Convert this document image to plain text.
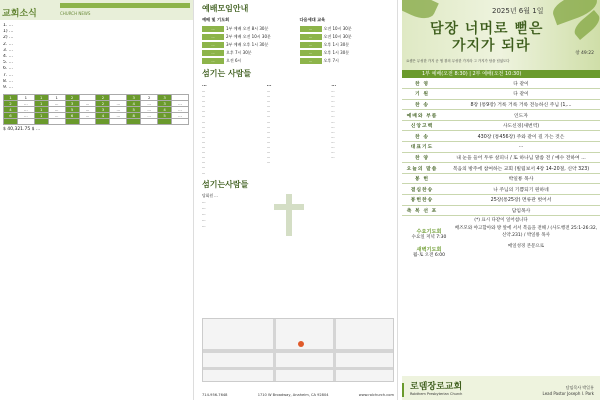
교회소식	CHURCH NEWS
1. ...
1) ...
2) ...
2. ...
3. ...
4. ...
5. ...
6. ...
7. ...
8. ...
9. ...
1	1	1	1	2		2		3	2	3	
2	...	1	...	3	...	2	...	4	...	3	...
4	...	1	...	5	...	3	...	5	...	4	...
6	...	1	...	6	...	4	...	8	...	5	...

$ 40,321.75 $ ...
예배모임안내
예배 및 기도회
...	1부 예배 오전 8시 30분
...	2부 예배 오전 10시 30분
...	3부 예배 오후 1시 30분
...	오후 7시 30분
...	오전 6시
다음세대 교육
...	오전 10시 30분
...	오전 10시 30분
...	오후 1시 30분
...	오후 1시 30분
...	오후 7시
섬기는 사람들
...
...
...
...
...
...
...
...
...
...
...
...
...
...
...
...
...
...
...
...
...
...
...
...
...
...
...
...
...
...
...
...
...
...
...
...
...
...
...
...
...
...
...
...
...
...
...
...
...
섬기는사람들
당회원 ...
...
...
...
...
...
714-956-7648	1710 W Broadway, Anaheim, CA 92804	www.rolchurch.com
2025년 6월 1일
담장 너머로 뻗은
가지가 되라	창 49:22
요셉은 무성한 가지 곧 샘 곁의 무성한 가지라 그 가지가 담을 넘었도다
1부 예배(오전 8:30) | 2부 예배(오전 10:30)
찬 영	다 같이
기 원	다 같이
찬 송	8장 (통9장) 거룩 거룩 거룩 전능하신 주님 (1,...
예배와 부름	인도자
신앙고백	사도신경(새번역)
찬 송	430장 (통456장) 주와 같이 길 가는 것은
대표기도	...
찬 양	내 눈을 들어 두루 살피니 / 또 하나님 말씀 전 / 예수 전하여 ...
오늘의 말씀	복음의 방주에 참여하는 교회 (빌립보서 4장 14-20절, 신약 323)
봉 헌	박일룡 목사
결심찬송	나 주님의 기쁨되기 원하네
봉헌찬송	25장(통25장) 면류관 벗어서
축 복 선 포	담임목사
(*) 표시 다같이 일어섭니다
수요기도회
수요일 저녁 7:30
배즈모와 야고합아와 방 앞에 서서 복음을 전해 / (사도행전 25:1-26:32, 신약.231) / 박일룡 목사
새벽기도회
월-토 오전 6:00
매일성경 본문으로
로뎀장로교회
Robthem Presbyterian Church
담임목사 박일룡
Lead Pastor Joseph I. Park
